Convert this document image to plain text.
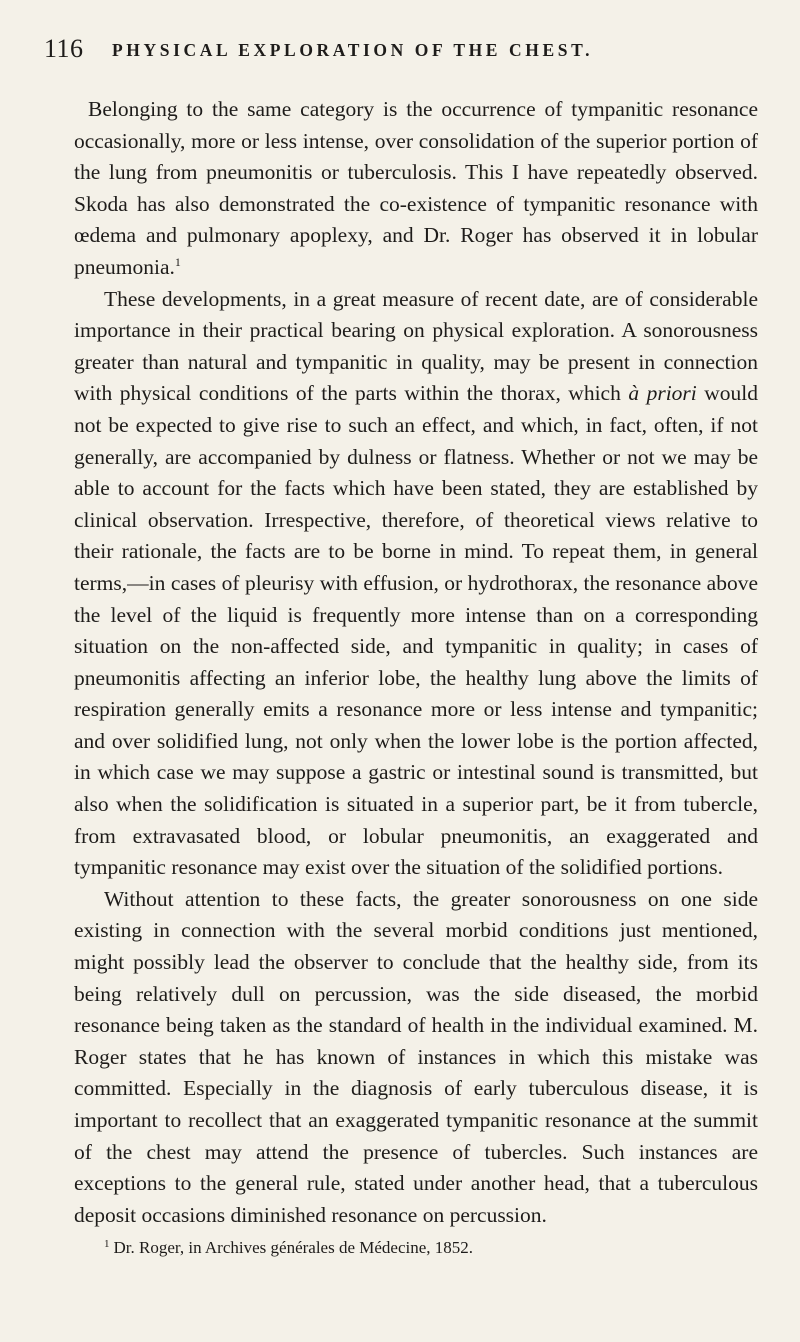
116 PHYSICAL EXPLORATION OF THE CHEST.

Belonging to the same category is the occurrence of tympanitic resonance occasionally, more or less intense, over consolidation of the superior portion of the lung from pneumonitis or tuberculosis. This I have repeatedly observed. Skoda has also demonstrated the co-existence of tympanitic resonance with œdema and pulmonary apoplexy, and Dr. Roger has observed it in lobular pneumonia.$^1$

These developments, in a great measure of recent date, are of considerable importance in their practical bearing on physical exploration. A sonorousness greater than natural and tympanitic in quality, may be present in connection with physical conditions of the parts within the thorax, which à priori would not be expected to give rise to such an effect, and which, in fact, often, if not generally, are accompanied by dulness or flatness. Whether or not we may be able to account for the facts which have been stated, they are established by clinical observation. Irrespective, therefore, of theoretical views relative to their rationale, the facts are to be borne in mind. To repeat them, in general terms,—in cases of pleurisy with effusion, or hydrothorax, the resonance above the level of the liquid is frequently more intense than on a corresponding situation on the non-affected side, and tympanitic in quality; in cases of pneumonitis affecting an inferior lobe, the healthy lung above the limits of respiration generally emits a resonance more or less intense and tympanitic; and over solidified lung, not only when the lower lobe is the portion affected, in which case we may suppose a gastric or intestinal sound is transmitted, but also when the solidification is situated in a superior part, be it from tubercle, from extravasated blood, or lobular pneumonitis, an exaggerated and tympanitic resonance may exist over the situation of the solidified portions.

Without attention to these facts, the greater sonorousness on one side existing in connection with the several morbid conditions just mentioned, might possibly lead the observer to conclude that the healthy side, from its being relatively dull on percussion, was the side diseased, the morbid resonance being taken as the standard of health in the individual examined. M. Roger states that he has known of instances in which this mistake was committed. Especially in the diagnosis of early tuberculous disease, it is important to recollect that an exaggerated tympanitic resonance at the summit of the chest may attend the presence of tubercles. Such instances are exceptions to the general rule, stated under another head, that a tuberculous deposit occasions diminished resonance on percussion.

$^1$ Dr. Roger, in Archives générales de Médecine, 1852.
